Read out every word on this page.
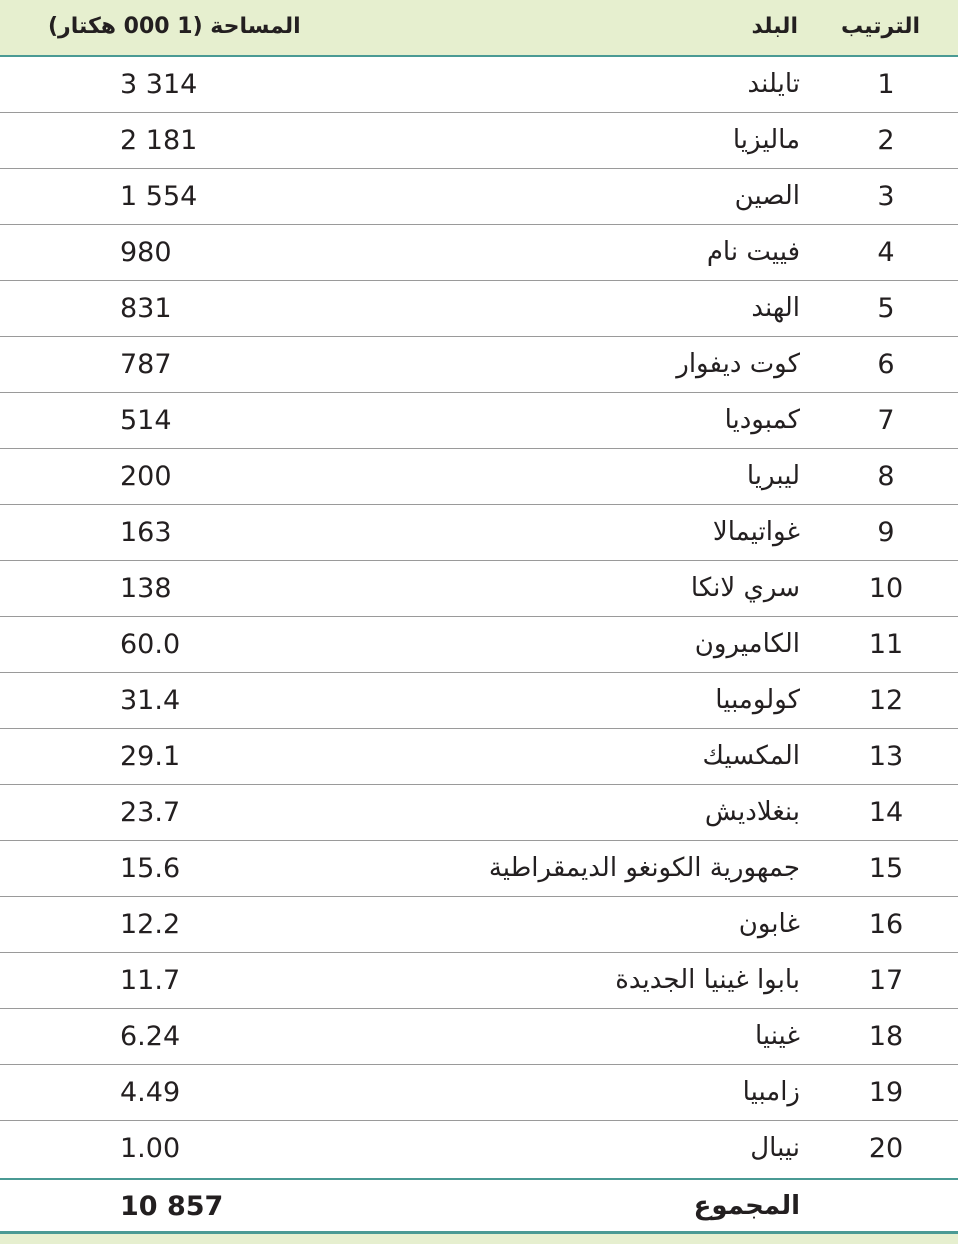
الترتيب
البلد
المساحة (1 000 هكتار)
1
تايلند
3 314
2
ماليزيا
2 181
3
الصين
1 554
4
فييت نام
980
5
الهند
831
6
كوت ديفوار
787
7
كمبوديا
514
8
ليبريا
200
9
غواتيمالا
163
10
سري لانكا
138
11
الكاميرون
60.0
12
كولومبيا
31.4
13
المكسيك
29.1
14
بنغلاديش
23.7
15
جمهورية الكونغو الديمقراطية
15.6
16
غابون
12.2
17
بابوا غينيا الجديدة
11.7
18
غينيا
6.24
19
زامبيا
4.49
20
نيبال
1.00
المجموع
10 857
